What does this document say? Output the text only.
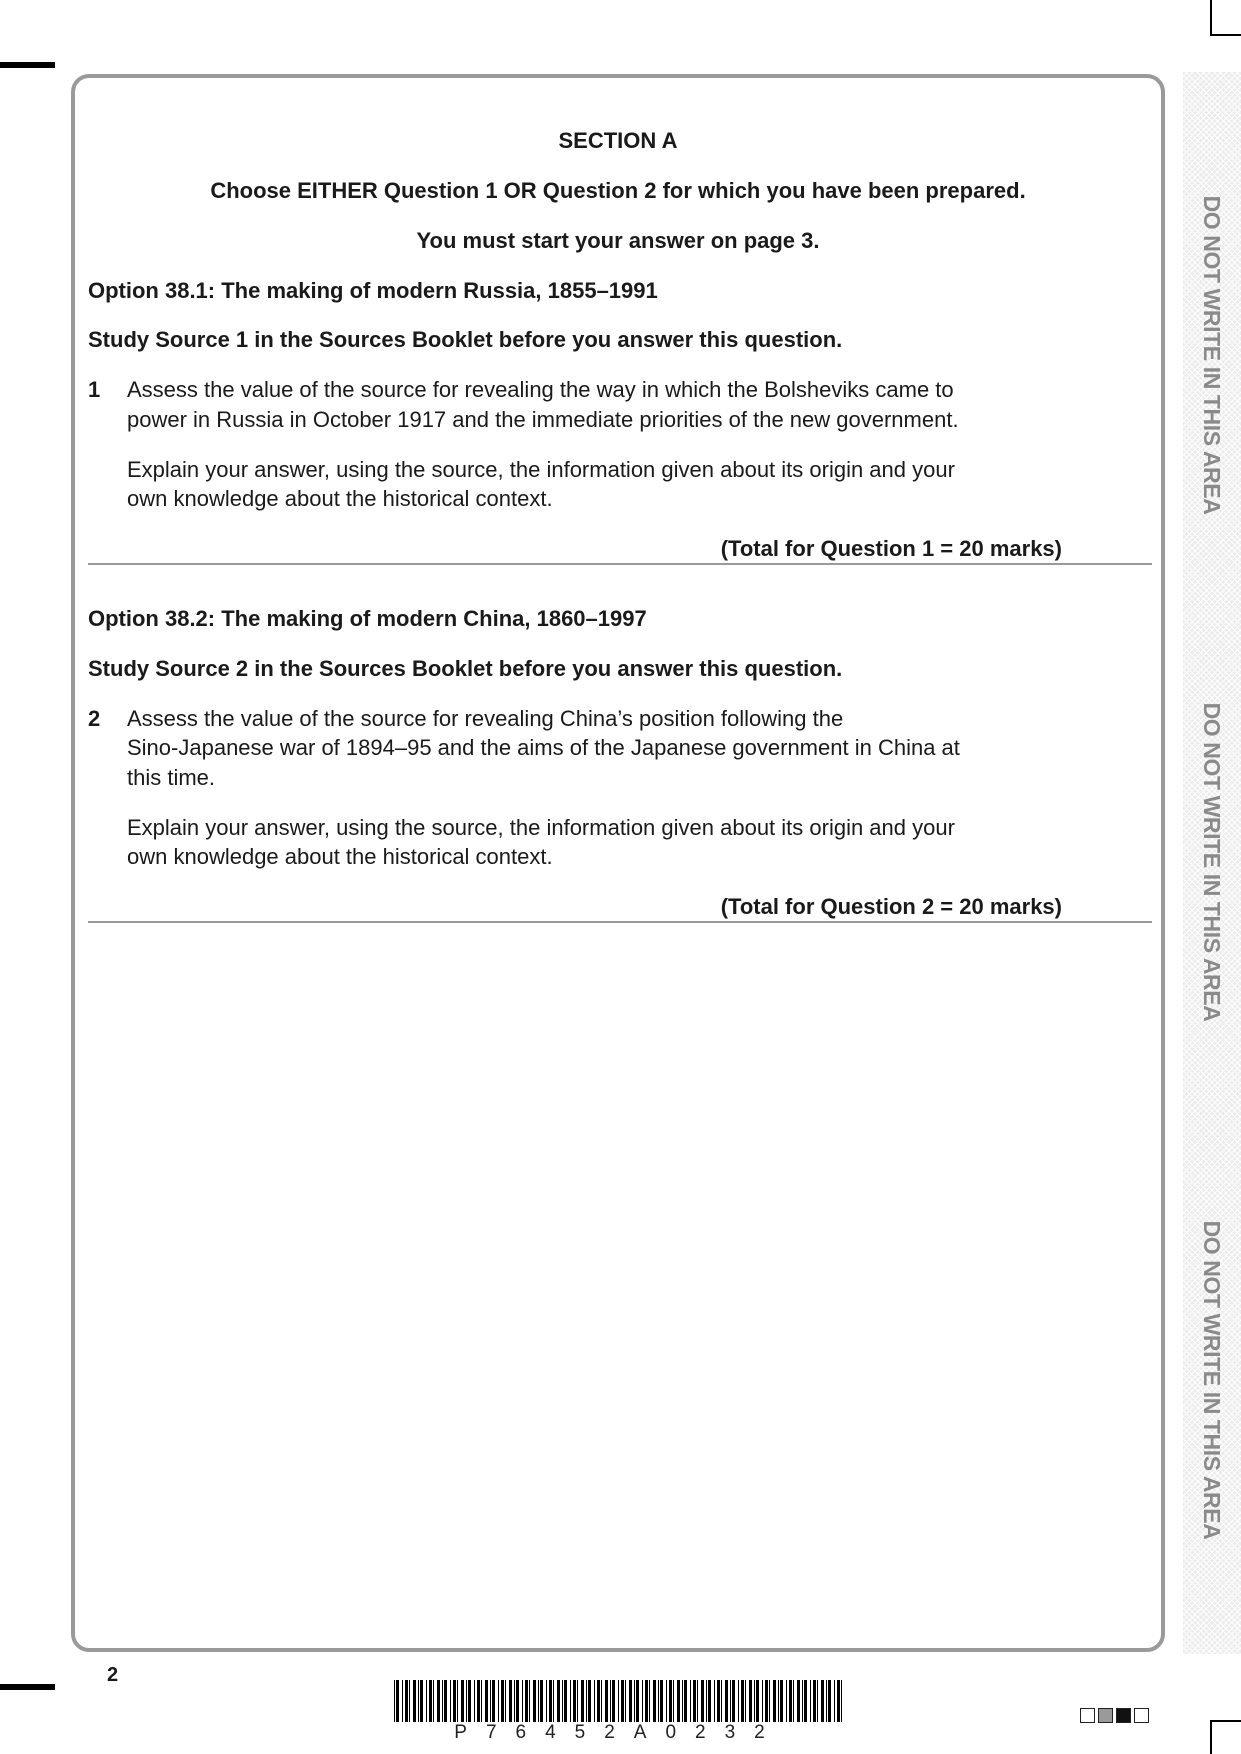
DO NOT WRITE IN THIS AREA
DO NOT WRITE IN THIS AREA
DO NOT WRITE IN THIS AREA
SECTION A
Choose EITHER Question 1 OR Question 2 for which you have been prepared.
You must start your answer on page 3.
Option 38.1: The making of modern Russia, 1855–1991
Study Source 1 in the Sources Booklet before you answer this question.
1 Assess the value of the source for revealing the way in which the Bolsheviks came to
power in Russia in October 1917 and the immediate priorities of the new government.
Explain your answer, using the source, the information given about its origin and your
own knowledge about the historical context.
(Total for Question 1 = 20 marks)
Option 38.2: The making of modern China, 1860–1997
Study Source 2 in the Sources Booklet before you answer this question.
2 Assess the value of the source for revealing China’s position following the
Sino-Japanese war of 1894–95 and the aims of the Japanese government in China at
this time.
Explain your answer, using the source, the information given about its origin and your
own knowledge about the historical context.
(Total for Question 2 = 20 marks)
2
P76452A0232
